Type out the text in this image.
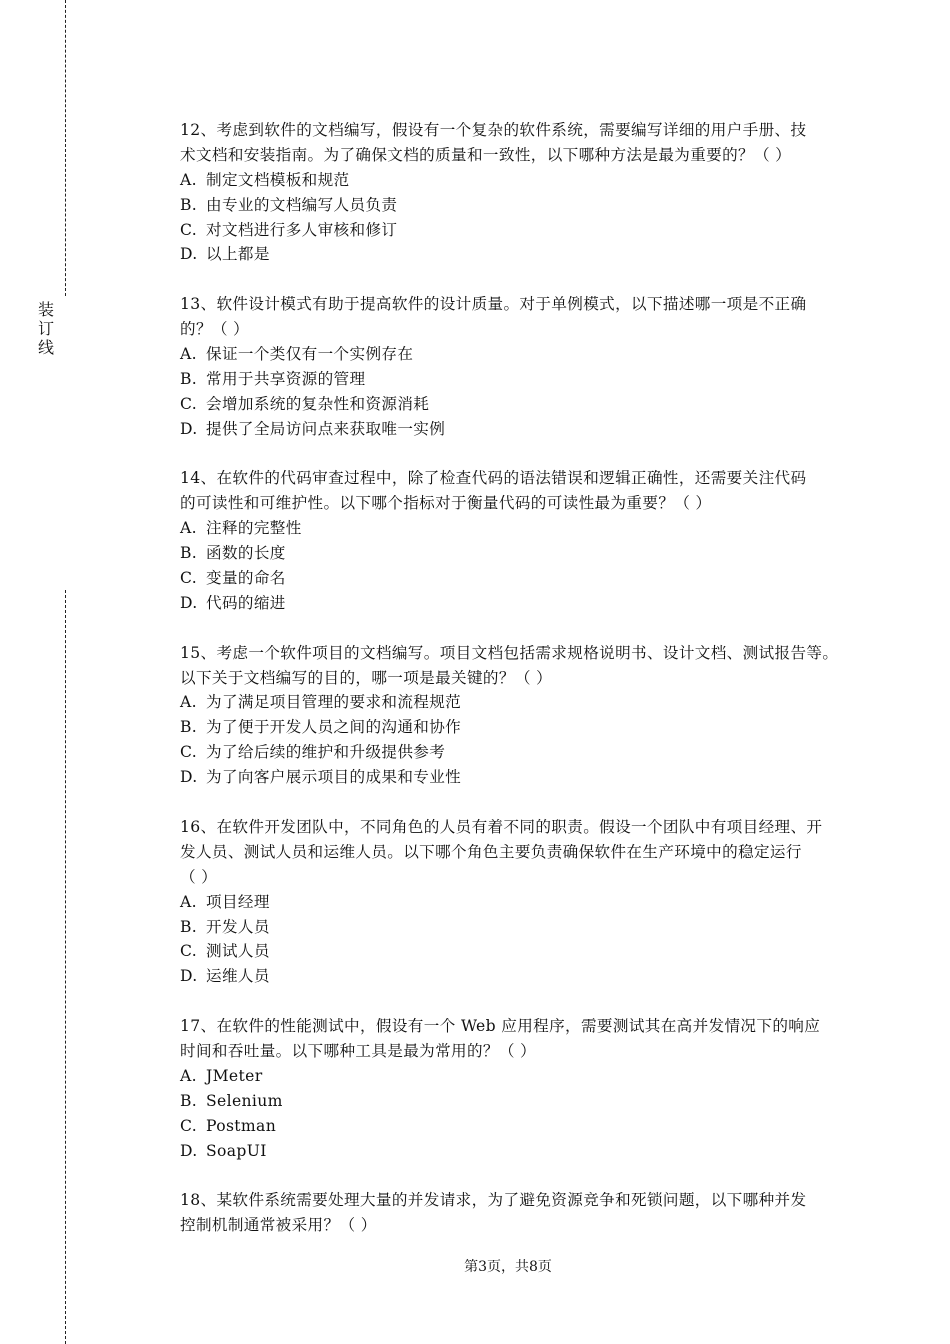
装订线
12、考虑到软件的文档编写，假设有一个复杂的软件系统，需要编写详细的用户手册、技
术文档和安装指南。为了确保文档的质量和一致性，以下哪种方法是最为重要的？（ ）
A. 制定文档模板和规范
B. 由专业的文档编写人员负责
C. 对文档进行多人审核和修订
D. 以上都是
13、软件设计模式有助于提高软件的设计质量。对于单例模式，以下描述哪一项是不正确
的？（ ）
A. 保证一个类仅有一个实例存在
B. 常用于共享资源的管理
C. 会增加系统的复杂性和资源消耗
D. 提供了全局访问点来获取唯一实例
14、在软件的代码审查过程中，除了检查代码的语法错误和逻辑正确性，还需要关注代码
的可读性和可维护性。以下哪个指标对于衡量代码的可读性最为重要？（ ）
A. 注释的完整性
B. 函数的长度
C. 变量的命名
D. 代码的缩进
15、考虑一个软件项目的文档编写。项目文档包括需求规格说明书、设计文档、测试报告等。
以下关于文档编写的目的，哪一项是最关键的？（ ）
A. 为了满足项目管理的要求和流程规范
B. 为了便于开发人员之间的沟通和协作
C. 为了给后续的维护和升级提供参考
D. 为了向客户展示项目的成果和专业性
16、在软件开发团队中，不同角色的人员有着不同的职责。假设一个团队中有项目经理、开
发人员、测试人员和运维人员。以下哪个角色主要负责确保软件在生产环境中的稳定运行
（ ）
A. 项目经理
B. 开发人员
C. 测试人员
D. 运维人员
17、在软件的性能测试中，假设有一个 Web 应用程序，需要测试其在高并发情况下的响应
时间和吞吐量。以下哪种工具是最为常用的？（ ）
A. JMeter
B. Selenium
C. Postman
D. SoapUI
18、某软件系统需要处理大量的并发请求，为了避免资源竞争和死锁问题，以下哪种并发
控制机制通常被采用？（ ）
第3页，共8页
